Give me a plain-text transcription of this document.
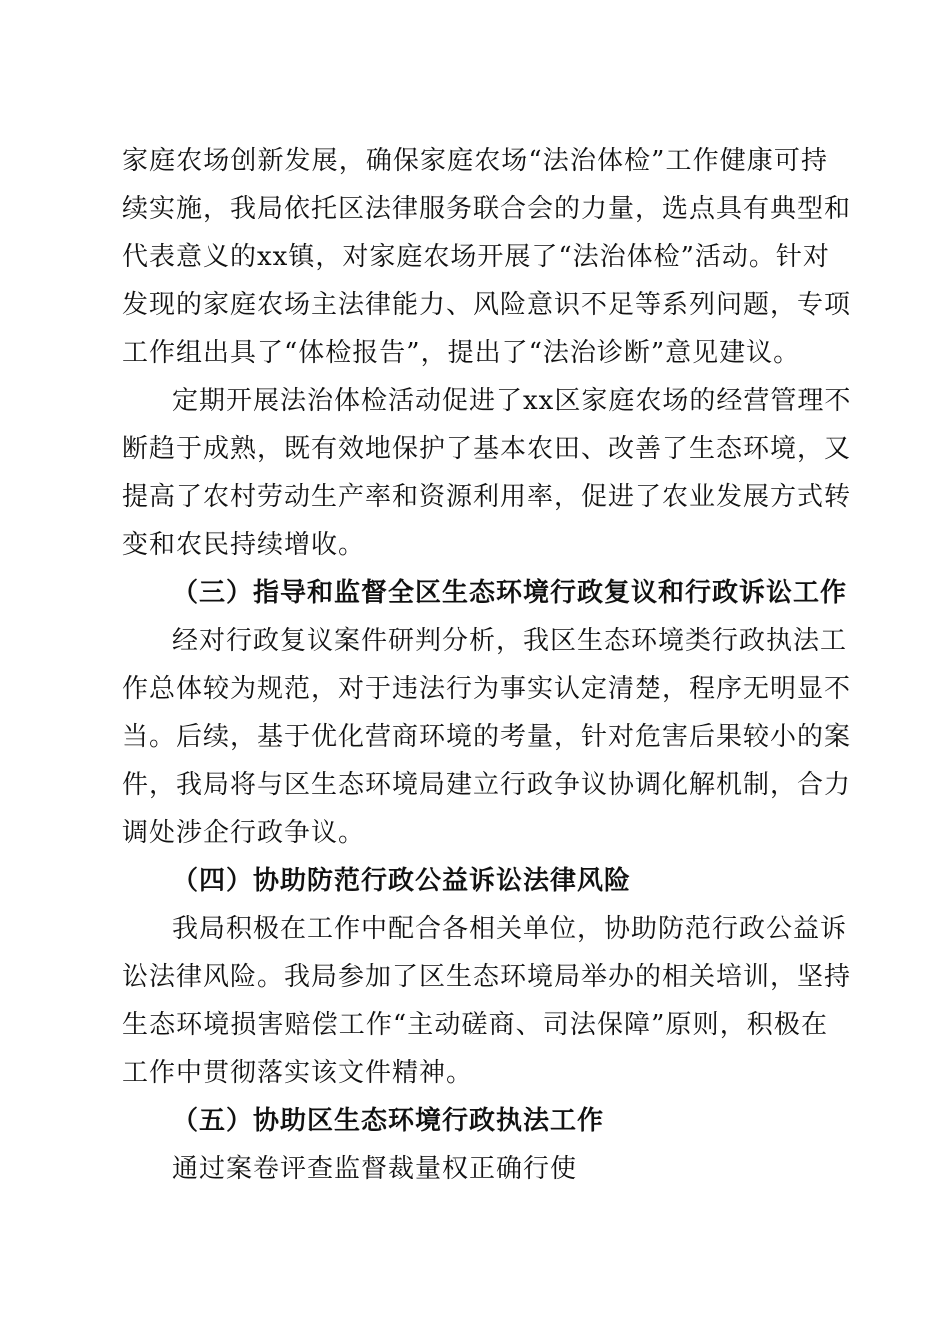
家庭农场创新发展，确保家庭农场“法治体检”工作健康可持
续实施，我局依托区法律服务联合会的力量，选点具有典型和
代表意义的xx镇，对家庭农场开展了“法治体检”活动。针对
发现的家庭农场主法律能力、风险意识不足等系列问题，专项
工作组出具了“体检报告”，提出了“法治诊断”意见建议。
定期开展法治体检活动促进了xx区家庭农场的经营管理不
断趋于成熟，既有效地保护了基本农田、改善了生态环境，又
提高了农村劳动生产率和资源利用率，促进了农业发展方式转
变和农民持续增收。
（三）指导和监督全区生态环境行政复议和行政诉讼工作
经对行政复议案件研判分析，我区生态环境类行政执法工
作总体较为规范，对于违法行为事实认定清楚，程序无明显不
当。后续，基于优化营商环境的考量，针对危害后果较小的案
件，我局将与区生态环境局建立行政争议协调化解机制，合力
调处涉企行政争议。
（四）协助防范行政公益诉讼法律风险
我局积极在工作中配合各相关单位，协助防范行政公益诉
讼法律风险。我局参加了区生态环境局举办的相关培训，坚持
生态环境损害赔偿工作“主动磋商、司法保障”原则，积极在
工作中贯彻落实该文件精神。
（五）协助区生态环境行政执法工作
通过案卷评查监督裁量权正确行使
